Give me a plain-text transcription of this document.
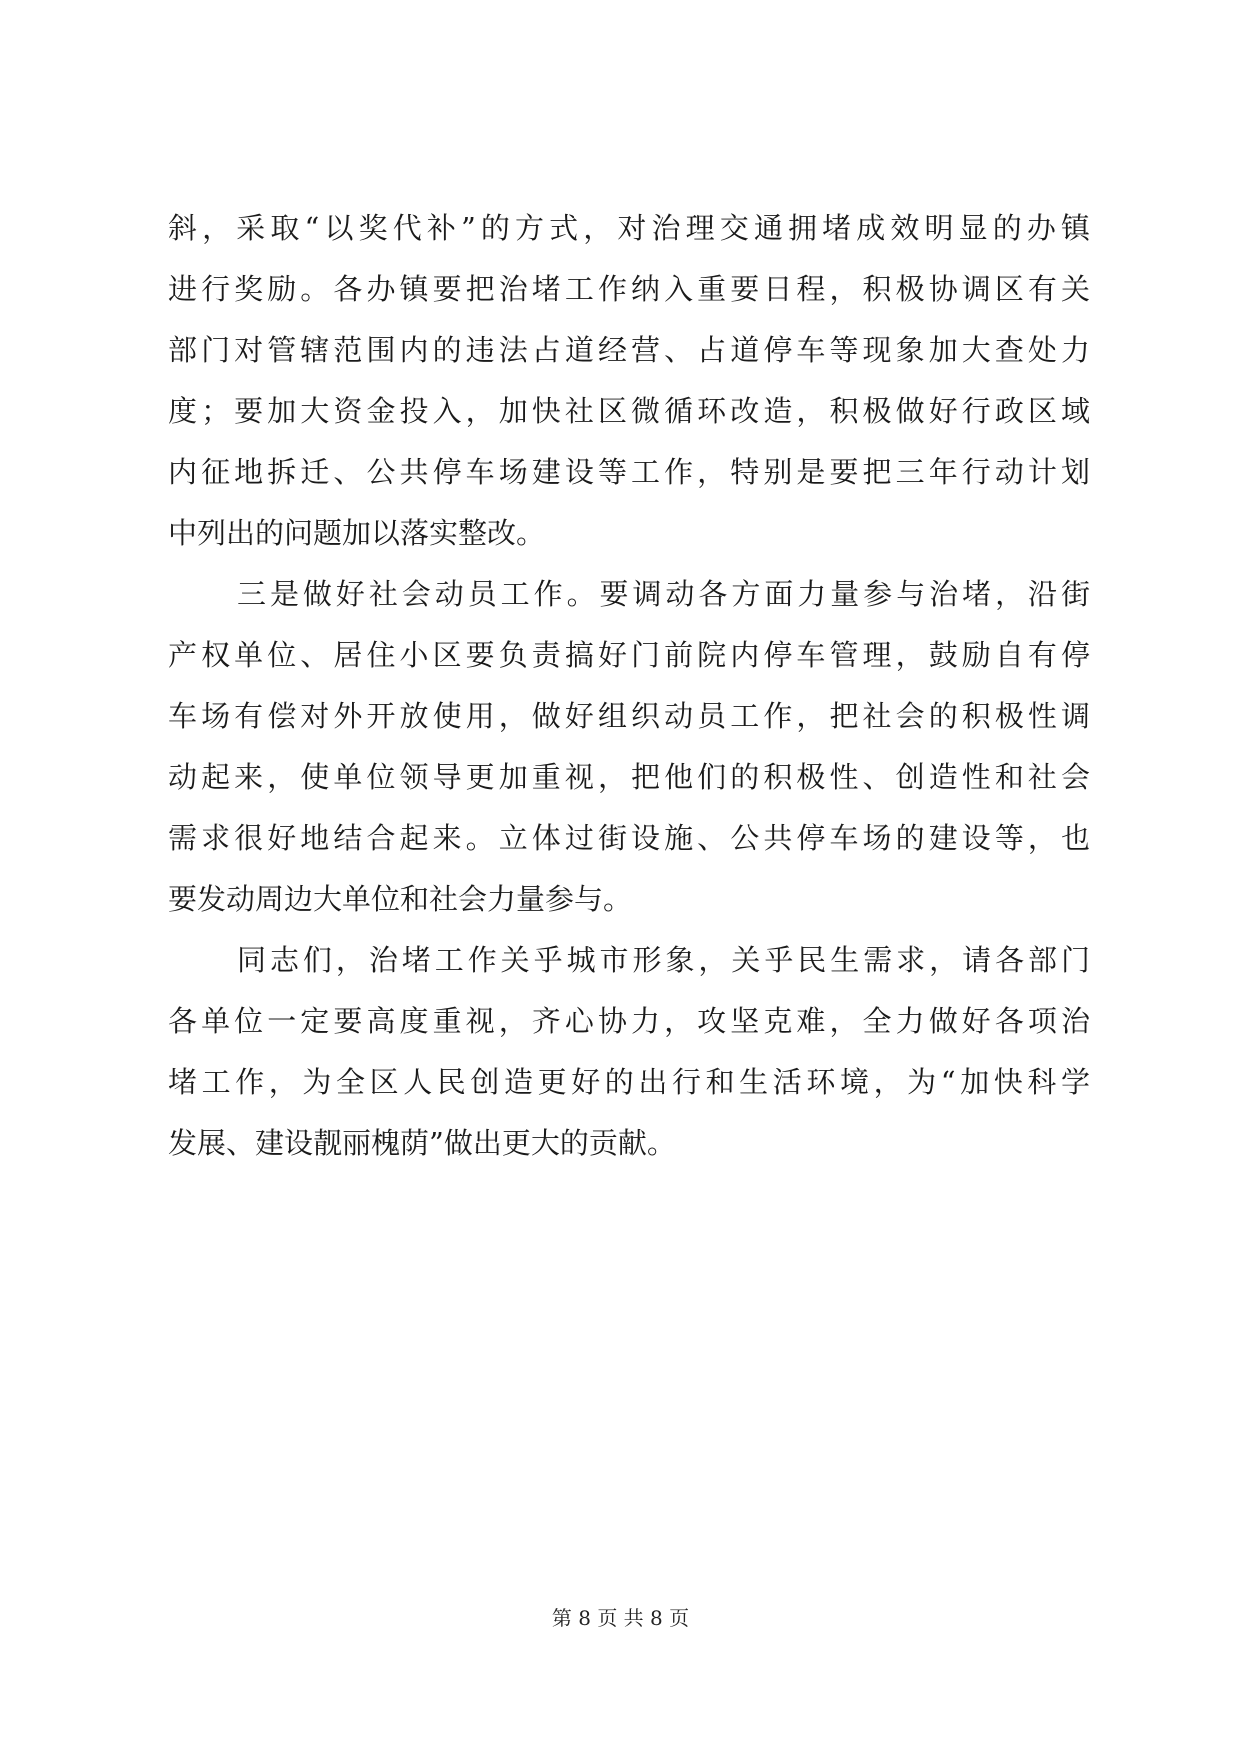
斜，采取“以奖代补”的方式，对治理交通拥堵成效明显的办镇
进行奖励。各办镇要把治堵工作纳入重要日程，积极协调区有关
部门对管辖范围内的违法占道经营、占道停车等现象加大查处力
度；要加大资金投入，加快社区微循环改造，积极做好行政区域
内征地拆迁、公共停车场建设等工作，特别是要把三年行动计划
中列出的问题加以落实整改。
三是做好社会动员工作。要调动各方面力量参与治堵，沿街
产权单位、居住小区要负责搞好门前院内停车管理，鼓励自有停
车场有偿对外开放使用，做好组织动员工作，把社会的积极性调
动起来，使单位领导更加重视，把他们的积极性、创造性和社会
需求很好地结合起来。立体过街设施、公共停车场的建设等，也
要发动周边大单位和社会力量参与。
同志们，治堵工作关乎城市形象，关乎民生需求，请各部门
各单位一定要高度重视，齐心协力，攻坚克难，全力做好各项治
堵工作，为全区人民创造更好的出行和生活环境，为“加快科学
发展、建设靓丽槐荫”做出更大的贡献。
第 8 页 共 8 页
